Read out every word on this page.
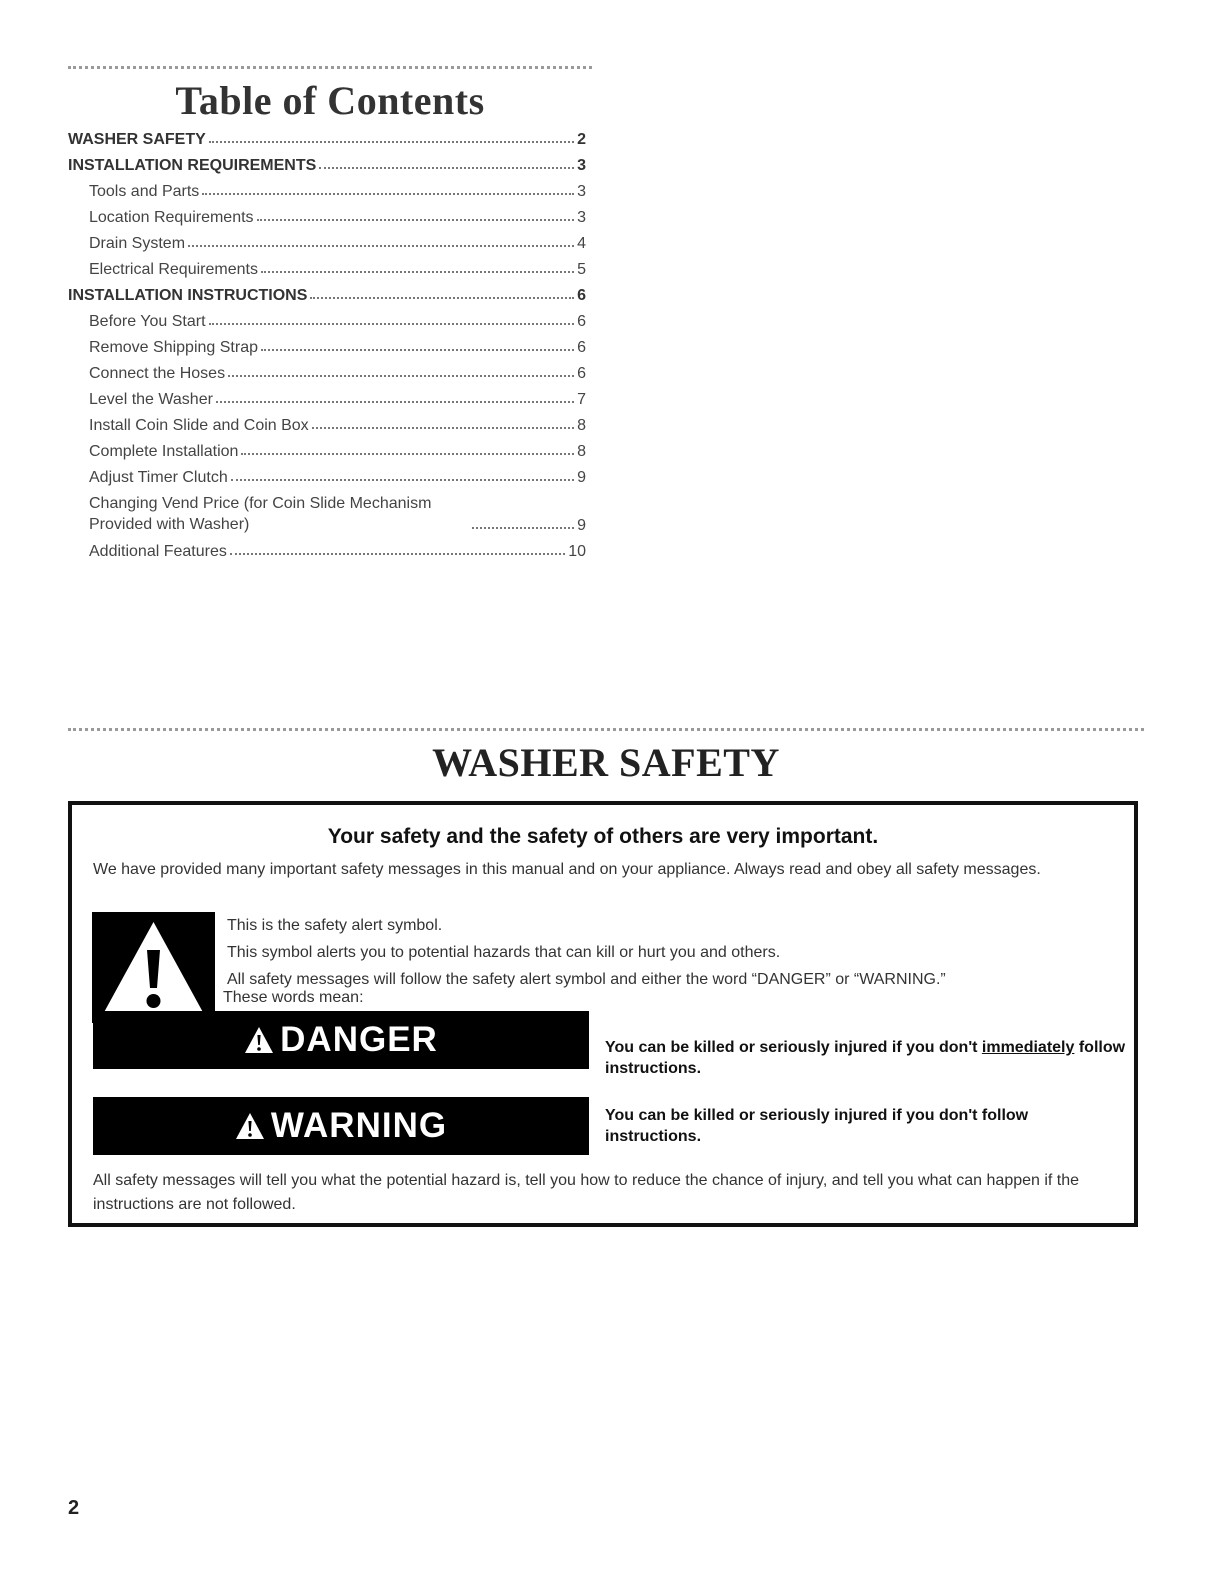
Table of Contents
WASHER SAFETY	2
INSTALLATION REQUIREMENTS	3
Tools and Parts	3
Location Requirements	3
Drain System	4
Electrical Requirements	5
INSTALLATION INSTRUCTIONS	6
Before You Start	6
Remove Shipping Strap	6
Connect the Hoses	6
Level the Washer	7
Install Coin Slide and Coin Box	8
Complete Installation	8
Adjust Timer Clutch	9
Changing Vend Price (for Coin Slide Mechanism Provided with Washer)	9
Additional Features	10
WASHER SAFETY
Your safety and the safety of others are very important.

We have provided many important safety messages in this manual and on your appliance. Always read and obey all safety messages.

This is the safety alert symbol.

This symbol alerts you to potential hazards that can kill or hurt you and others.

All safety messages will follow the safety alert symbol and either the word “DANGER” or “WARNING.”

These words mean:

DANGER	You can be killed or seriously injured if you don't immediately follow instructions.

WARNING	You can be killed or seriously injured if you don't follow instructions.

All safety messages will tell you what the potential hazard is, tell you how to reduce the chance of injury, and tell you what can happen if the instructions are not followed.

2
